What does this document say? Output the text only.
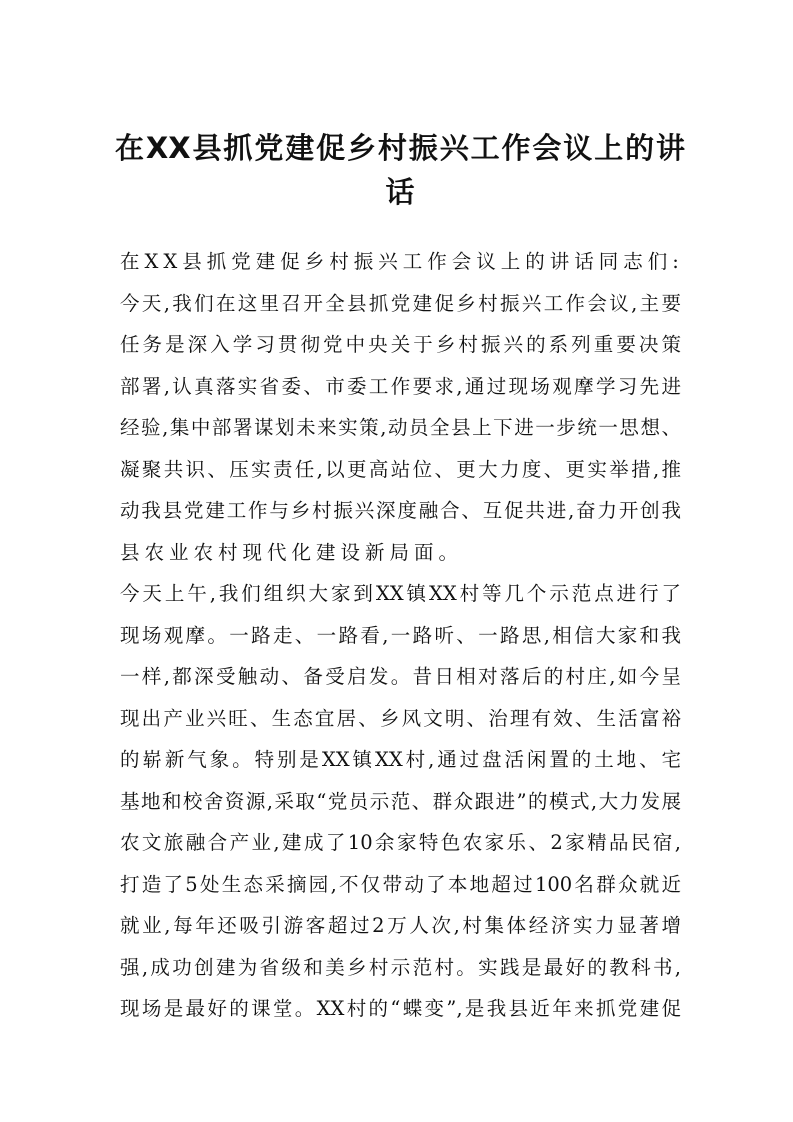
在XX县抓党建促乡村振兴工作会议上的讲
话
在XX县抓党建促乡村振兴工作会议上的讲话同志们:
今天,我们在这里召开全县抓党建促乡村振兴工作会议,主要
任务是深入学习贯彻党中央关于乡村振兴的系列重要决策
部署,认真落实省委、市委工作要求,通过现场观摩学习先进
经验,集中部署谋划未来实策,动员全县上下进一步统一思想、
凝聚共识、压实责任,以更高站位、更大力度、更实举措,推
动我县党建工作与乡村振兴深度融合、互促共进,奋力开创我
县农业农村现代化建设新局面。
今天上午,我们组织大家到XX镇XX村等几个示范点进行了
现场观摩。一路走、一路看,一路听、一路思,相信大家和我
一样,都深受触动、备受启发。昔日相对落后的村庄,如今呈
现出产业兴旺、生态宜居、乡风文明、治理有效、生活富裕
的崭新气象。特别是XX镇XX村,通过盘活闲置的土地、宅
基地和校舍资源,采取“党员示范、群众跟进”的模式,大力发展
农文旅融合产业,建成了10余家特色农家乐、2家精品民宿,
打造了5处生态采摘园,不仅带动了本地超过100名群众就近
就业,每年还吸引游客超过2万人次,村集体经济实力显著增
强,成功创建为省级和美乡村示范村。实践是最好的教科书,
现场是最好的课堂。XX村的“蝶变”,是我县近年来抓党建促
